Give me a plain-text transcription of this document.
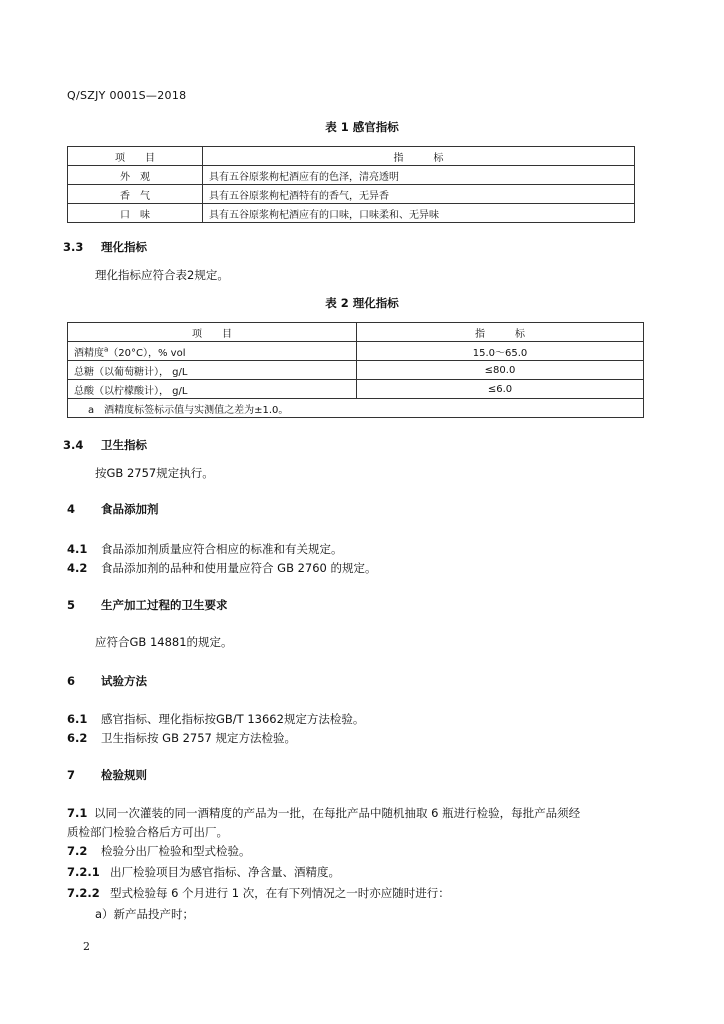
Q/SZJY 0001S—2018
表 1 感官指标
项　　目	指　　　标
外　观	具有五谷原浆枸杞酒应有的色泽，清亮透明
香　气	具有五谷原浆枸杞酒特有的香气，无异香
口　味	具有五谷原浆枸杞酒应有的口味，口味柔和、无异味
3.3 理化指标
理化指标应符合表2规定。
表 2 理化指标
项　　目	指　　　标
酒精度$^a$（20°C），% vol	15.0～65.0
总糖（以葡萄糖计）， g/L	≤80.0
总酸（以柠檬酸计）， g/L	≤6.0
a　酒精度标签标示值与实测值之差为±1.0。	
3.4 卫生指标
按GB 2757规定执行。
4 食品添加剂
4.1 食品添加剂质量应符合相应的标准和有关规定。
4.2 食品添加剂的品种和使用量应符合 GB 2760 的规定。
5 生产加工过程的卫生要求
应符合GB 14881的规定。
6 试验方法
6.1 感官指标、理化指标按GB/T 13662规定方法检验。
6.2 卫生指标按 GB 2757 规定方法检验。
7 检验规则
7.1 以同一次灌装的同一酒精度的产品为一批，在每批产品中随机抽取 6 瓶进行检验，每批产品须经
质检部门检验合格后方可出厂。
7.2 检验分出厂检验和型式检验。
7.2.1 出厂检验项目为感官指标、净含量、酒精度。
7.2.2 型式检验每 6 个月进行 1 次，在有下列情况之一时亦应随时进行：
a）新产品投产时；
2
